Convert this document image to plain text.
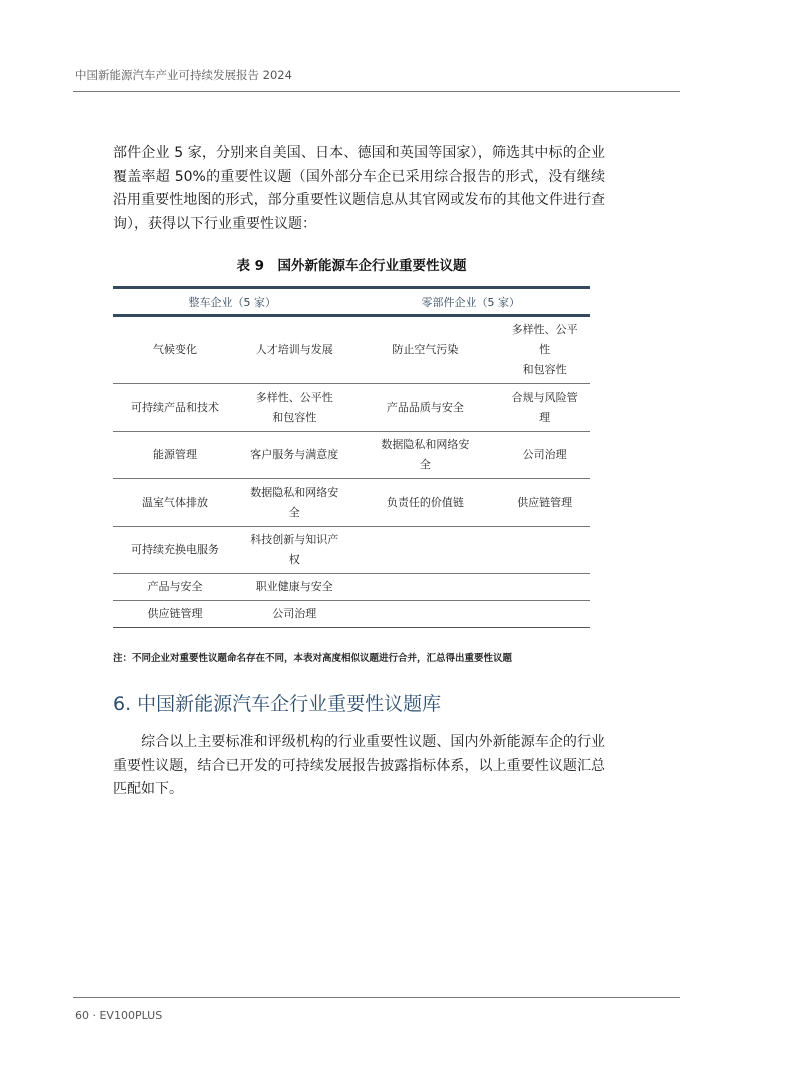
中国新能源汽车产业可持续发展报告 2024

部件企业 5 家，分别来自美国、日本、德国和英国等国家），筛选其中标的企业覆盖率超 50%的重要性议题（国外部分车企已采用综合报告的形式，没有继续沿用重要性地图的形式，部分重要性议题信息从其官网或发布的其他文件进行查询），获得以下行业重要性议题：

表 9　国外新能源车企行业重要性议题
整车企业（5 家）		零部件企业（5 家）	

气候变化	人才培训与发展	防止空气污染	多样性、公平
性
和包容性

可持续产品和技术	多样性、公平性
和包容性	产品品质与安全	合规与风险管
理

能源管理	客户服务与满意度	数据隐私和网络安
全	公司治理

温室气体排放	数据隐私和网络安
全	负责任的价值链	供应链管理

可持续充换电服务	科技创新与知识产
权		

产品与安全	职业健康与安全		

供应链管理	公司治理		

注：不同企业对重要性议题命名存在不同，本表对高度相似议题进行合并，汇总得出重要性议题
6. 中国新能源汽车企行业重要性议题库

　　综合以上主要标准和评级机构的行业重要性议题、国内外新能源车企的行业重要性议题，结合已开发的可持续发展报告披露指标体系，以上重要性议题汇总匹配如下。

60 · EV100PLUS
